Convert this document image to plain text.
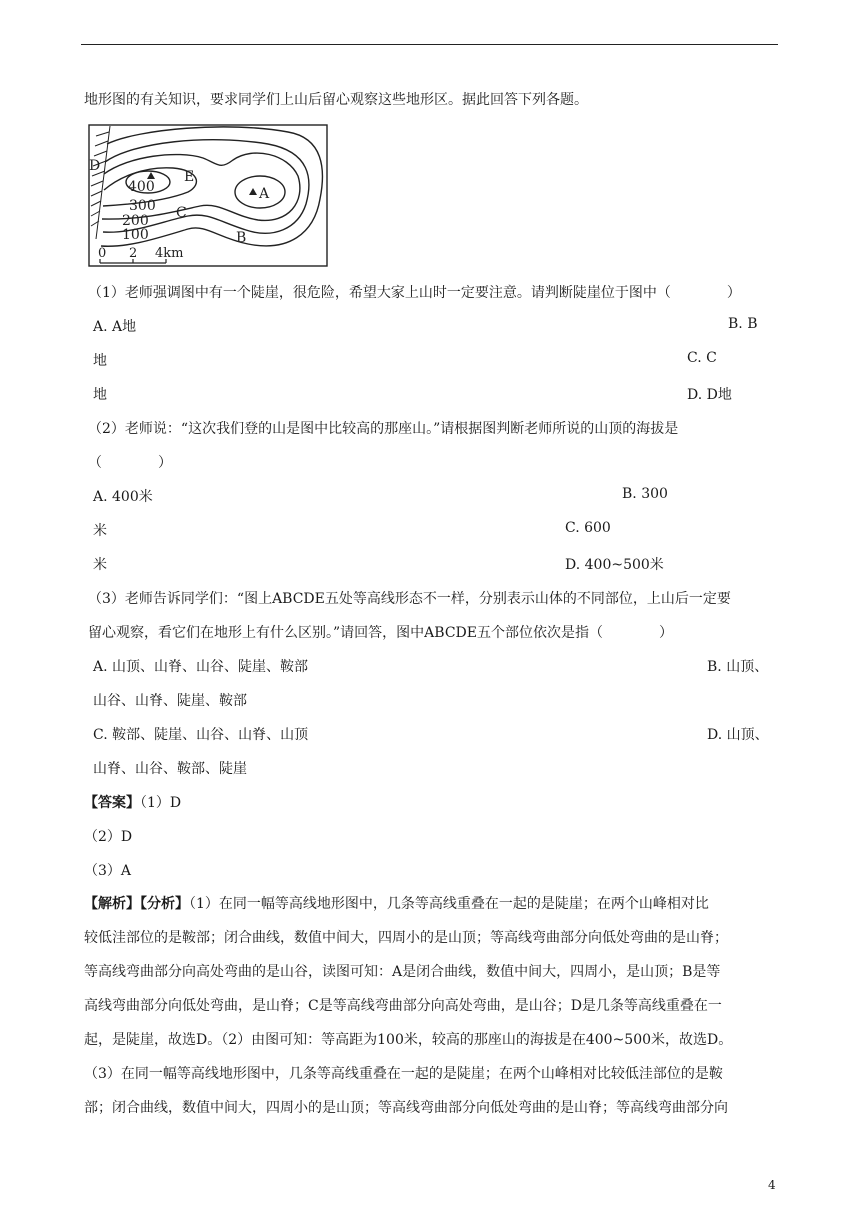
地形图的有关知识，要求同学们上山后留心观察这些地形区。据此回答下列各题。
D
E
A
C
B
400
300
200
100
0 2 4km
（1）老师强调图中有一个陡崖，很危险，希望大家上山时一定要注意。请判断陡崖位于图中（　　　　）
A. A地	B. B
地	C. C
地	D. D地
（2）老师说：“这次我们登的山是图中比较高的那座山。”请根据图判断老师所说的山顶的海拔是
（　　　　）
A. 400米	B. 300
米	C. 600
米	D. 400~500米
（3）老师告诉同学们：“图上ABCDE五处等高线形态不一样，分别表示山体的不同部位，上山后一定要
留心观察，看它们在地形上有什么区别。”请回答，图中ABCDE五个部位依次是指（　　　　）
A. 山顶、山脊、山谷、陡崖、鞍部	B. 山顶、
山谷、山脊、陡崖、鞍部
C. 鞍部、陡崖、山谷、山脊、山顶	D. 山顶、
山脊、山谷、鞍部、陡崖
【答案】（1）D
（2）D
（3）A
【解析】【分析】（1）在同一幅等高线地形图中，几条等高线重叠在一起的是陡崖；在两个山峰相对比
较低洼部位的是鞍部；闭合曲线，数值中间大，四周小的是山顶；等高线弯曲部分向低处弯曲的是山脊；
等高线弯曲部分向高处弯曲的是山谷，读图可知：A是闭合曲线，数值中间大，四周小，是山顶；B是等
高线弯曲部分向低处弯曲，是山脊；C是等高线弯曲部分向高处弯曲，是山谷；D是几条等高线重叠在一
起，是陡崖，故选D。（2）由图可知：等高距为100米，较高的那座山的海拔是在400~500米，故选D。
（3）在同一幅等高线地形图中，几条等高线重叠在一起的是陡崖；在两个山峰相对比较低洼部位的是鞍
部；闭合曲线，数值中间大，四周小的是山顶；等高线弯曲部分向低处弯曲的是山脊；等高线弯曲部分向
4
